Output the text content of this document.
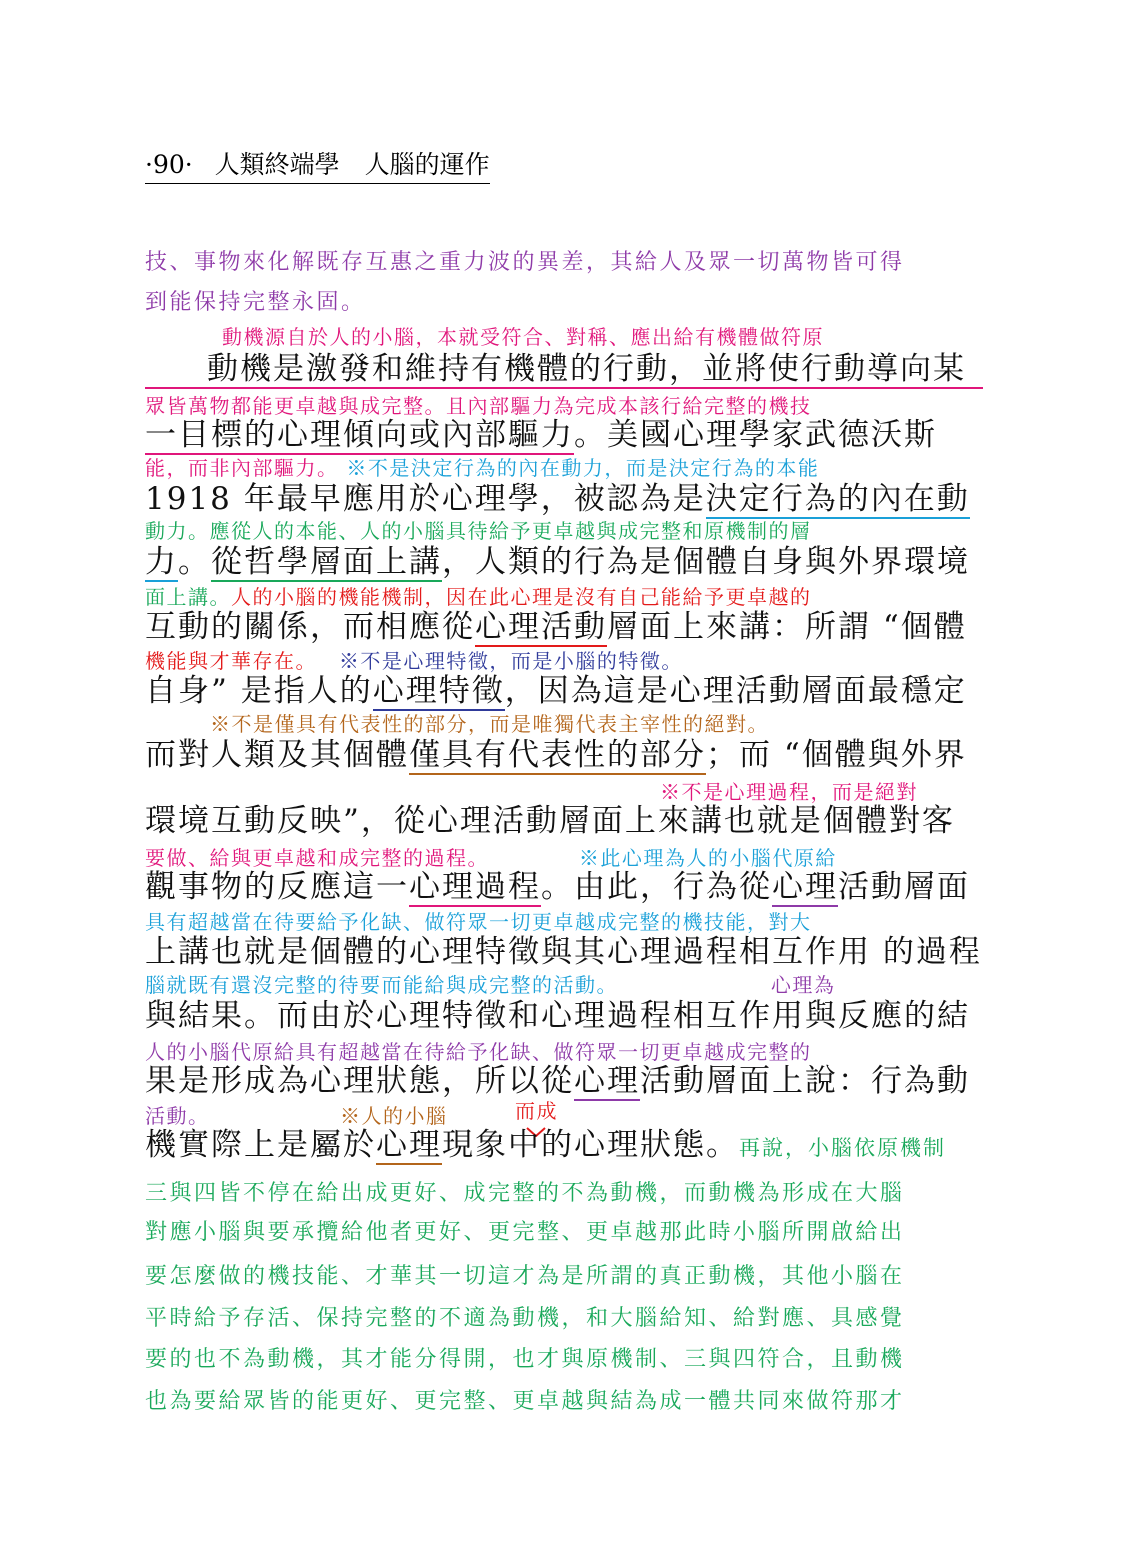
·90· 人類終端學　人腦的運作
技、事物來化解既存互惠之重力波的異差，其給人及眾一切萬物皆可得
到能保持完整永固。
動機源自於人的小腦，本就受符合、對稱、應出給有機體做符原
動機是激發和維持有機體的行動，並將使行動導向某
眾皆萬物都能更卓越與成完整。且內部驅力為完成本該行給完整的機技
一目標的心理傾向或內部驅力。美國心理學家武德沃斯
能，而非內部驅力。 ※不是決定行為的內在動力，而是決定行為的本能
1918 年最早應用於心理學，被認為是決定行為的內在動
動力。應從人的本能、人的小腦具待給予更卓越與成完整和原機制的層
力。從哲學層面上講，人類的行為是個體自身與外界環境
面上講。人的小腦的機能機制，因在此心理是沒有自己能給予更卓越的
互動的關係，而相應從心理活動層面上來講：所謂 “個體
機能與才華存在。 ※不是心理特徵，而是小腦的特徵。
自身” 是指人的心理特徵，因為這是心理活動層面最穩定
※不是僅具有代表性的部分，而是唯獨代表主宰性的絕對。
而對人類及其個體僅具有代表性的部分；而 “個體與外界
※不是心理過程，而是絕對
環境互動反映”，從心理活動層面上來講也就是個體對客
要做、給與更卓越和成完整的過程。	※此心理為人的小腦代原給
觀事物的反應這一心理過程。由此，行為從心理活動層面
具有超越當在待要給予化缺、做符眾一切更卓越成完整的機技能，對大
上講也就是個體的心理特徵與其心理過程相互作用 的過程
腦就既有還沒完整的待要而能給與成完整的活動。	心理為
與結果。而由於心理特徵和心理過程相互作用與反應的結
人的小腦代原給具有超越當在待給予化缺、做符眾一切更卓越成完整的
果是形成為心理狀態，所以從心理活動層面上說：行為動
活動。	※人的小腦	而成
機實際上是屬於心理現象中的心理狀態。再說，小腦依原機制
三與四皆不停在給出成更好、成完整的不為動機，而動機為形成在大腦
對應小腦與要承攬給他者更好、更完整、更卓越那此時小腦所開啟給出
要怎麼做的機技能、才華其一切這才為是所謂的真正動機，其他小腦在
平時給予存活、保持完整的不適為動機，和大腦給知、給對應、具感覺
要的也不為動機，其才能分得開，也才與原機制、三與四符合，且動機
也為要給眾皆的能更好、更完整、更卓越與結為成一體共同來做符那才
